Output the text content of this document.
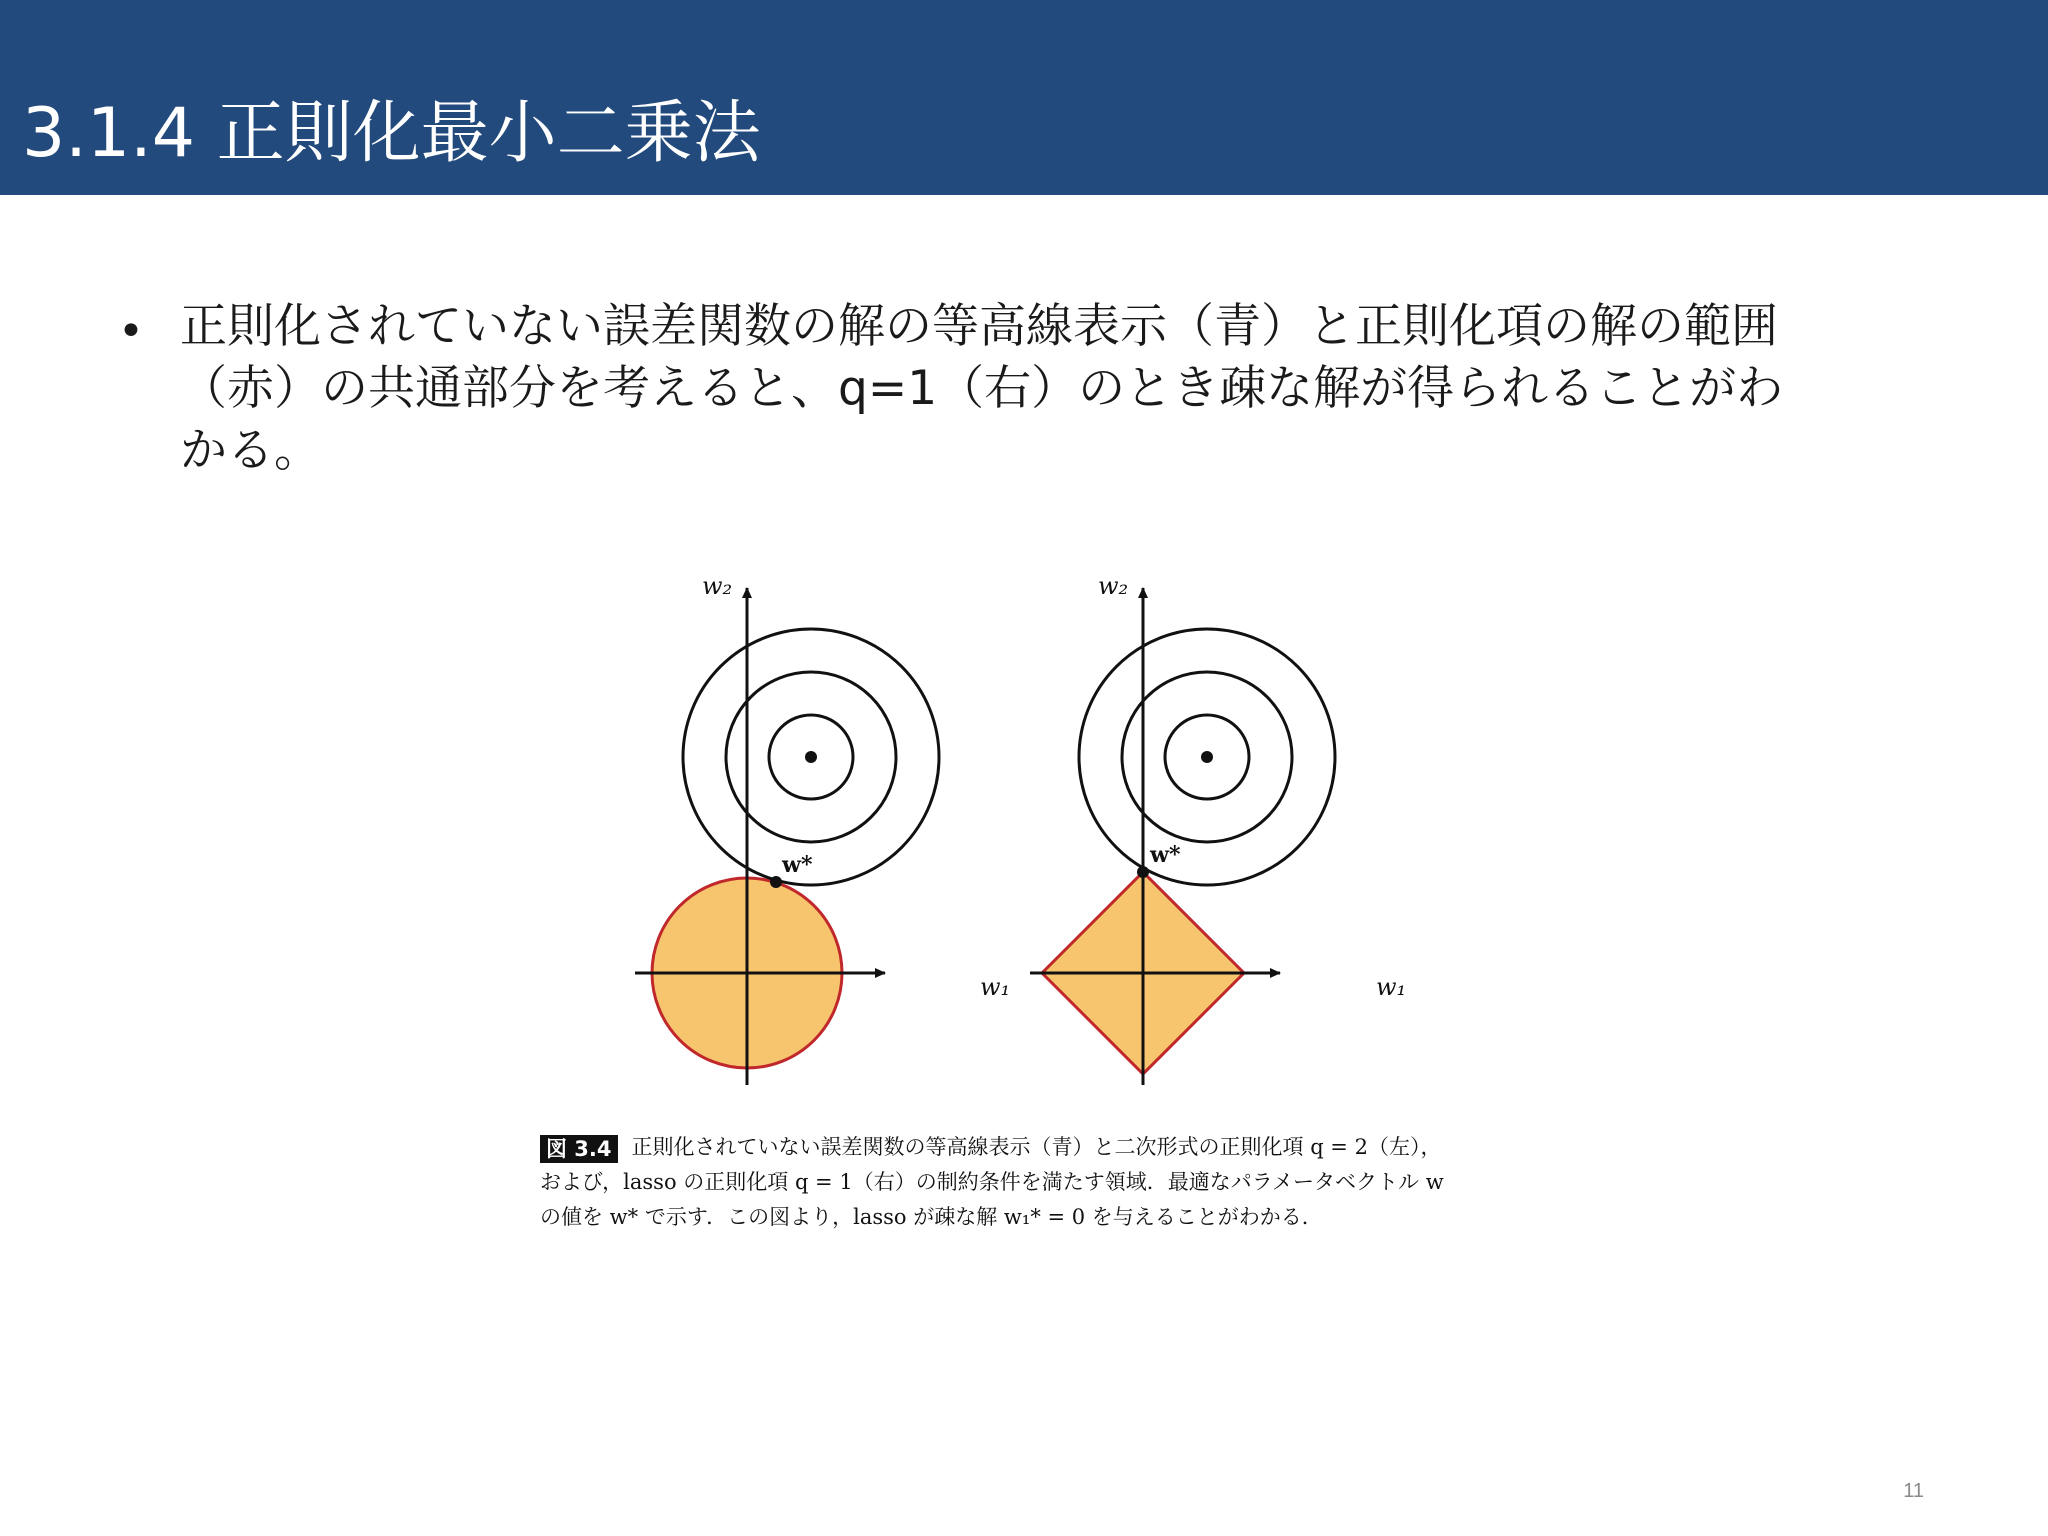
3.1.4 正則化最小二乗法
• 正則化されていない誤差関数の解の等高線表示（青）と正則化項の解の範囲
（赤）の共通部分を考えると、q=1（右）のとき疎な解が得られることがわ
かる。
w*
w₁
w₂
w*
w₁
w₂
図 3.4 正則化されていない誤差関数の等高線表示（青）と二次形式の正則化項 q = 2（左），
および，lasso の正則化項 q = 1（右）の制約条件を満たす領域．最適なパラメータベクトル w
の値を w* で示す．この図より，lasso が疎な解 w₁* = 0 を与えることがわかる．
11
